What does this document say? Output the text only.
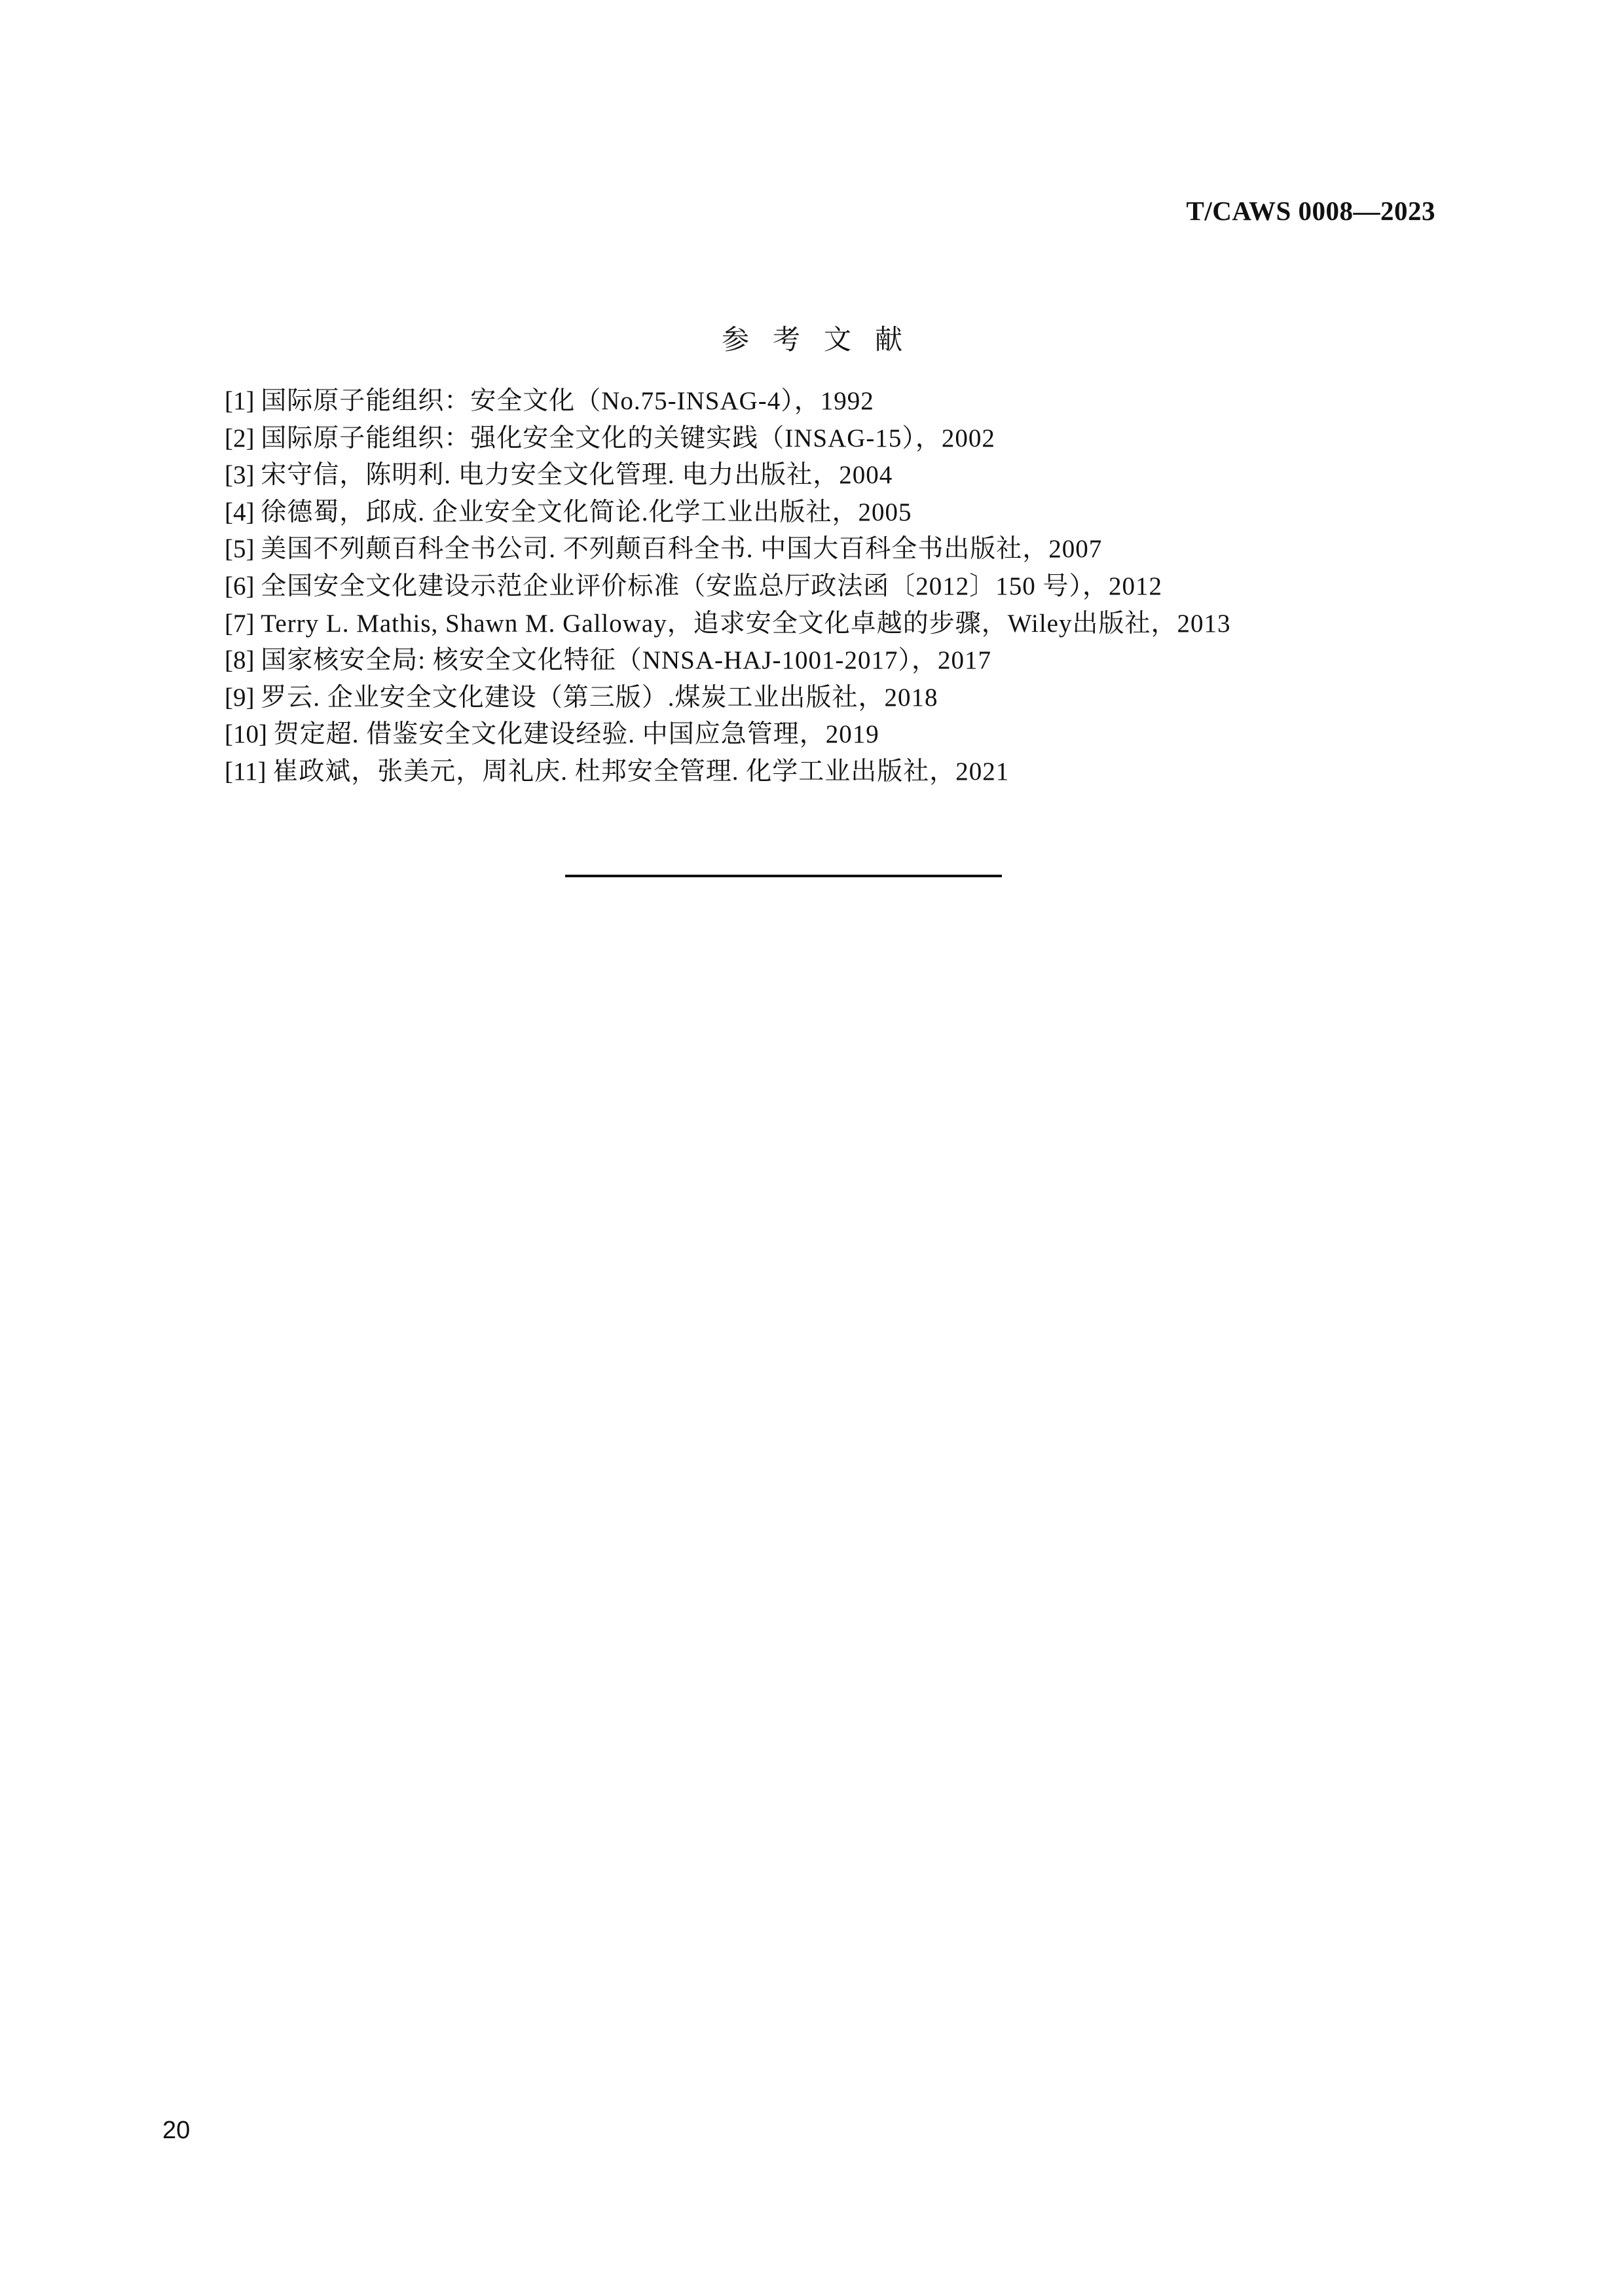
T/CAWS 0008—2023
参考文献
[1] 国际原子能组织：安全文化（No.75-INSAG-4），1992
[2] 国际原子能组织：强化安全文化的关键实践（INSAG-15），2002
[3] 宋守信，陈明利. 电力安全文化管理. 电力出版社，2004
[4] 徐德蜀，邱成. 企业安全文化简论.化学工业出版社，2005
[5] 美国不列颠百科全书公司. 不列颠百科全书. 中国大百科全书出版社，2007
[6] 全国安全文化建设示范企业评价标准（安监总厅政法函〔2012〕150 号），2012
[7] Terry L. Mathis, Shawn M. Galloway，追求安全文化卓越的步骤，Wiley出版社，2013
[8] 国家核安全局: 核安全文化特征（NNSA-HAJ-1001-2017），2017
[9] 罗云. 企业安全文化建设（第三版）.煤炭工业出版社，2018
[10] 贺定超. 借鉴安全文化建设经验. 中国应急管理，2019
[11] 崔政斌，张美元，周礼庆. 杜邦安全管理. 化学工业出版社，2021
20
